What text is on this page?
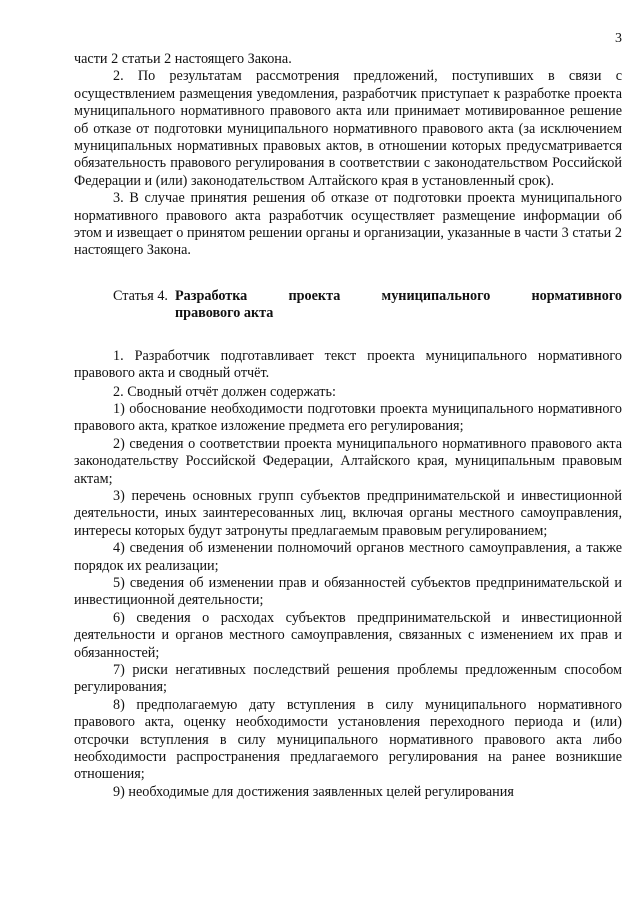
3

части 2 статьи 2 настоящего Закона.

2. По результатам рассмотрения предложений, поступивших в связи с осуществлением размещения уведомления, разработчик приступает к разработке проекта муниципального нормативного правового акта или принимает мотивированное решение об отказе от подготовки муниципального нормативного правового акта (за исключением муниципальных нормативных правовых актов, в отношении которых предусматривается обязательность правового регулирования в соответствии с законодательством Российской Федерации и (или) законодательством Алтайского края в установленный срок).

3. В случае принятия решения об отказе от подготовки проекта муниципального нормативного правового акта разработчик осуществляет размещение информации об этом и извещает о принятом решении органы и организации, указанные в части 3 статьи 2 настоящего Закона.

Статья 4. Разработка проекта муниципального нормативного
правового акта

1. Разработчик подготавливает текст проекта муниципального нормативного правового акта и сводный отчёт.

2. Сводный отчёт должен содержать:

1) обоснование необходимости подготовки проекта муниципального нормативного правового акта, краткое изложение предмета его регулирования;

2) сведения о соответствии проекта муниципального нормативного правового акта законодательству Российской Федерации, Алтайского края, муниципальным правовым актам;

3) перечень основных групп субъектов предпринимательской и инвестиционной деятельности, иных заинтересованных лиц, включая органы местного самоуправления, интересы которых будут затронуты предлагаемым правовым регулированием;

4) сведения об изменении полномочий органов местного самоуправления, а также порядок их реализации;

5) сведения об изменении прав и обязанностей субъектов предпринимательской и инвестиционной деятельности;

6) сведения о расходах субъектов предпринимательской и инвестиционной деятельности и органов местного самоуправления, связанных с изменением их прав и обязанностей;

7) риски негативных последствий решения проблемы предложенным способом регулирования;

8) предполагаемую дату вступления в силу муниципального нормативного правового акта, оценку необходимости установления переходного периода и (или) отсрочки вступления в силу муниципального нормативного правового акта либо необходимости распространения предлагаемого регулирования на ранее возникшие отношения;

9) необходимые для достижения заявленных целей регулирования
